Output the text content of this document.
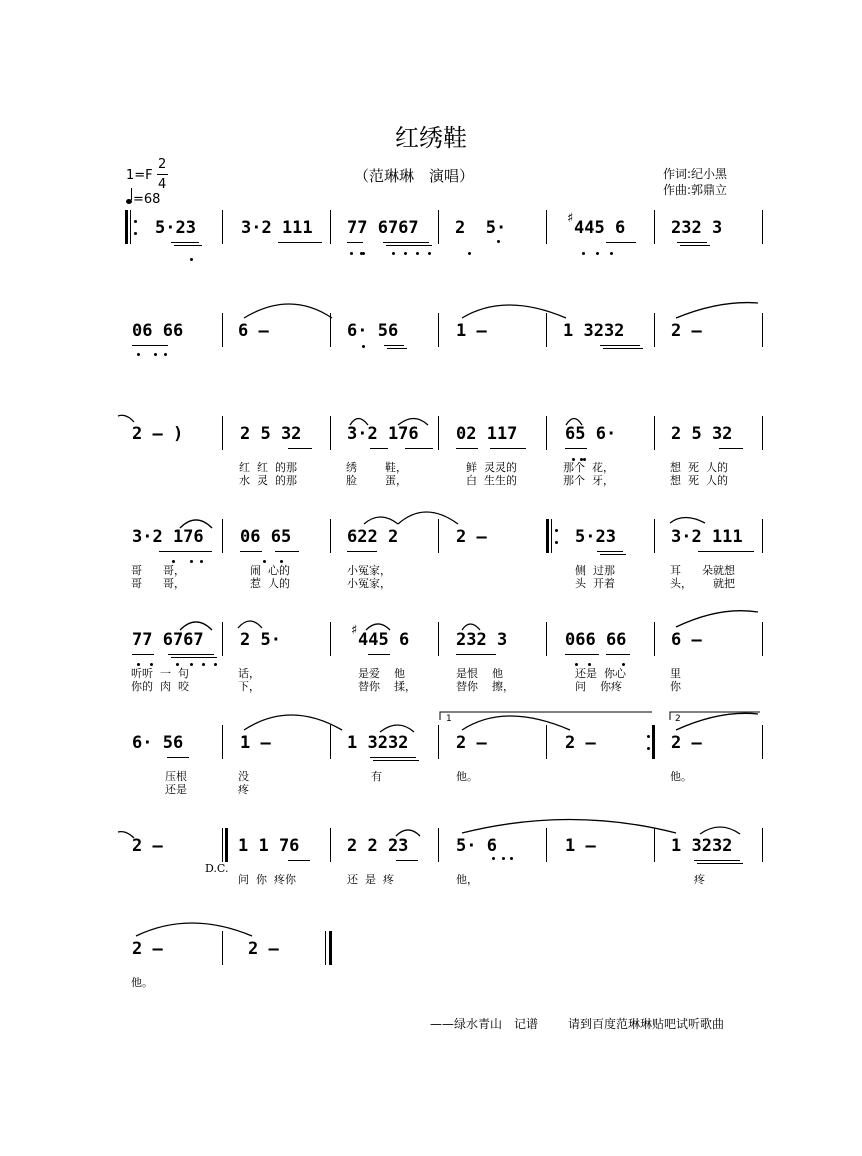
红绣鞋
（范琳琳　演唱）	作词:纪小黑
作曲:郭鼎立
1=F
2
4
=68
5·23	3·2 111 77 6767 2  5·	445 6	232 3
06 66	6 –	6· 56	1 –	1 3232	2 –
2 – )	2 5 32	3·2 176 02 117	65 6·	2 5 32
3·2 176 06 65	622 2	2 –	5·23	3·2 111
77 6767 2 5·	445 6	232 3	066 66	6 –
6· 56	1 –	1 3232	2 –	2 –	2 –
2 –	1 1 76	2 2 23	5· 6	1 –	1 3232
2 –	2 –
红  红  的那	绣        鞋，	鲜  灵灵的	那个  花，	想  死  人的
水  灵  的那	脸        蛋，	白  生生的	那个  牙，	想  死  人的
哥      哥，	闹  心的	小冤家，	侧  过那	耳      朵就想
哥      哥，	惹  人的	小冤家，	头  开着	头，      就把
听听  一  句	话，	是爱    他	是恨    他	还是  你心	里
你的  肉  咬	下，	替你    揉，	替你    擦，	问    你疼	你
压根	没	有	他。	他。
还是	疼
问  你  疼你	还  是  疼	他，	疼
他。
D.C.
1	2
——绿水青山　记谱 请到百度范琳琳贴吧试听歌曲
♯
♯
